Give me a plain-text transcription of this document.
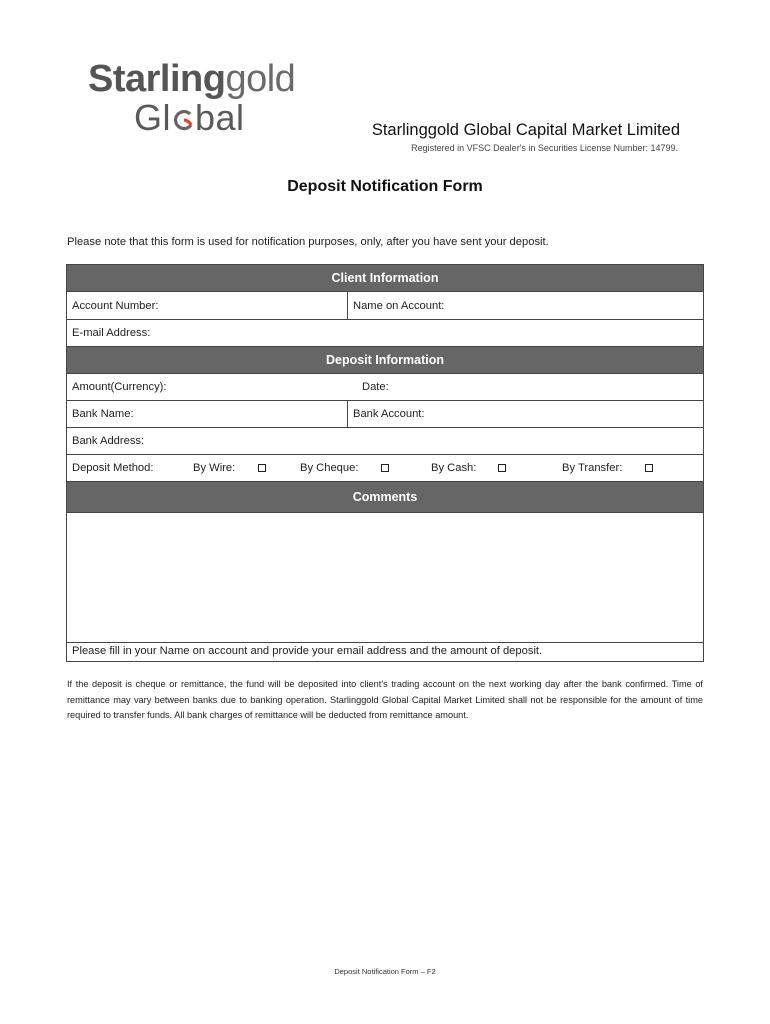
Starlinggold
Gl bal	Starlinggold Global Capital Market Limited
Registered in VFSC Dealer's in Securities License Number: 14799.
Deposit Notification Form
Please note that this form is used for notification purposes, only, after you have sent your deposit.
Client Information
Account Number:	Name on Account:
E-mail Address:
Deposit Information
Amount(Currency):	Date:
Bank Name:	Bank Account:
Bank Address:
Deposit Method:	By Wire:	By Cheque:	By Cash:	By Transfer:
Comments
Please fill in your Name on account and provide your email address and the amount of deposit.
If the deposit is cheque or remittance, the fund will be deposited into client's trading account on the next working day after the bank confirmed. Time of remittance may vary between banks due to banking operation. Starlinggold Global Capital Market Limited shall not be responsible for the amount of time required to transfer funds. All bank charges of remittance will be deducted from remittance amount.
Deposit Notification Form – F2
